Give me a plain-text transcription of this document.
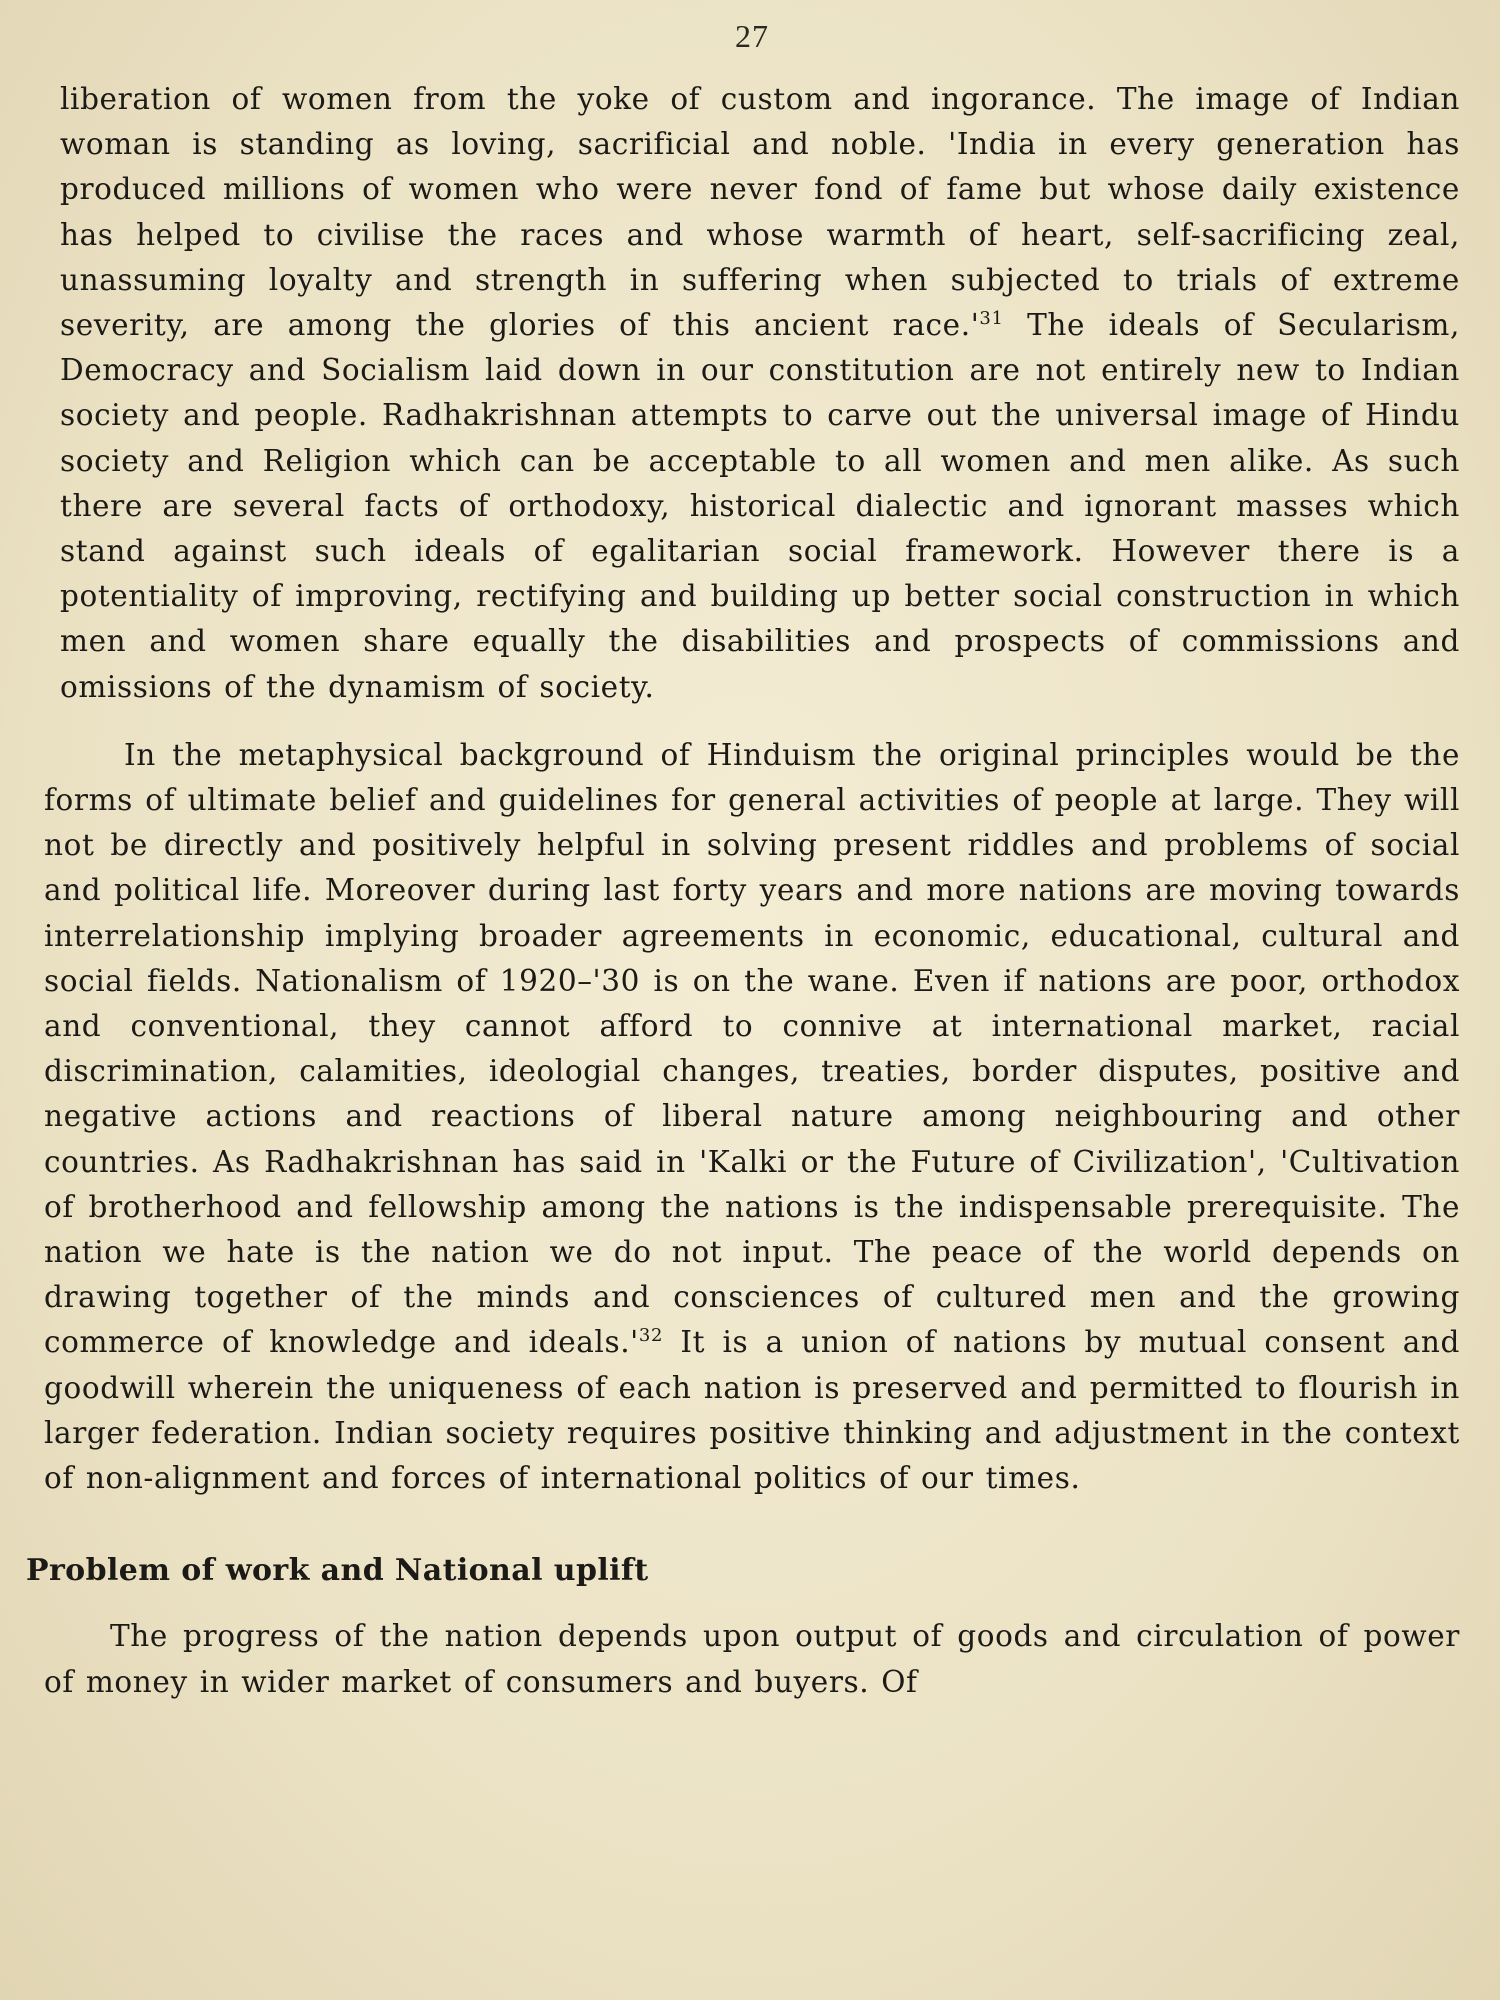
27

liberation of women from the yoke of custom and ingorance. The image of Indian woman is standing as loving, sacrificial and noble. 'India in every generation has produced millions of women who were never fond of fame but whose daily existence has helped to civilise the races and whose warmth of heart, self-sacrificing zeal, unassuming loyalty and strength in suffering when subjected to trials of extreme severity, are among the glories of this ancient $race.'^{31}$ The ideals of Secularism, Democracy and Socialism laid down in our constitution are not entirely new to Indian society and people. Radhakrishnan attempts to carve out the universal image of Hindu society and Religion which can be acceptable to all women and men alike. As such there are several facts of orthodoxy, historical dialectic and ignorant masses which stand against such ideals of egalitarian social framework. However there is a potentiality of improving, rectifying and building up better social construction in which men and women share equally the disabilities and prospects of commissions and omissions of the dynamism of society.

In the metaphysical background of Hinduism the original principles would be the forms of ultimate belief and guidelines for general activities of people at large. They will not be directly and positively helpful in solving present riddles and problems of social and political life. Moreover during last forty years and more nations are moving towards interrelationship implying broader agreements in economic, educational, cultural and social fields. Nationalism of 1920–'30 is on the wane. Even if nations are poor, orthodox and conventional, they cannot afford to connive at international market, racial discrimination, calamities, ideologial changes, treaties, border disputes, positive and negative actions and reactions of liberal nature among neighbouring and other countries. As Radhakrishnan has said in 'Kalki or the Future of Civilization', 'Cultivation of brotherhood and fellowship among the nations is the indispensable prerequisite. The nation we hate is the nation we do not input. The peace of the world depends on drawing together of the minds and consciences of cultured men and the growing commerce of knowledge and $ideals.'^{32}$ It is a union of nations by mutual consent and goodwill wherein the uniqueness of each nation is preserved and permitted to flourish in larger federation. Indian society requires positive thinking and adjustment in the context of non-alignment and forces of international politics of our times.

Problem of work and National uplift

The progress of the nation depends upon output of goods and circulation of power of money in wider market of consumers and buyers. Of
